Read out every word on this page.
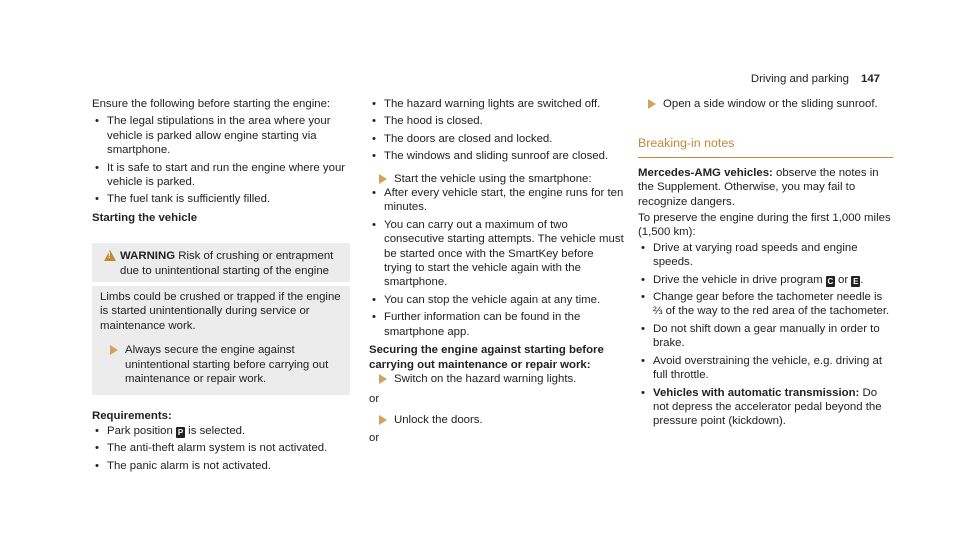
Driving and parking 147

Ensure the following before starting the engine:

• The legal stipulations in the area where your vehicle is parked allow engine starting via smartphone.
• It is safe to start and run the engine where your vehicle is parked.
• The fuel tank is sufficiently filled.

Starting the vehicle

!
WARNING Risk of crushing or entrapment due to unintentional starting of the engine

Limbs could be crushed or trapped if the engine is started unintentionally during service or maintenance work.

Always secure the engine against unintentional starting before carrying out maintenance or repair work.

Requirements:

• Park position P is selected.
• The anti-theft alarm system is not activated.
• The panic alarm is not activated.
• The hazard warning lights are switched off.
• The hood is closed.
• The doors are closed and locked.
• The windows and sliding sunroof are closed.
Start the vehicle using the smartphone:
• After every vehicle start, the engine runs for ten minutes.
• You can carry out a maximum of two consecutive starting attempts. The vehicle must be started once with the SmartKey before trying to start the vehicle again with the smartphone.
• You can stop the vehicle again at any time.
• Further information can be found in the smartphone app.

Securing the engine against starting before carrying out maintenance or repair work:

Switch on the hazard warning lights.

or

Unlock the doors.

or

Open a side window or the sliding sunroof.
Breaking-in notes

Mercedes-AMG vehicles: observe the notes in the Supplement. Otherwise, you may fail to recognize dangers.

To preserve the engine during the first 1,000 miles (1,500 km):

• Drive at varying road speeds and engine speeds.
• Drive the vehicle in drive program C or E .
• Change gear before the tachometer needle is ⅔ of the way to the red area of the tachometer.
• Do not shift down a gear manually in order to brake.
• Avoid overstraining the vehicle, e.g. driving at full throttle.
• Vehicles with automatic transmission: Do not depress the accelerator pedal beyond the pressure point (kickdown).
